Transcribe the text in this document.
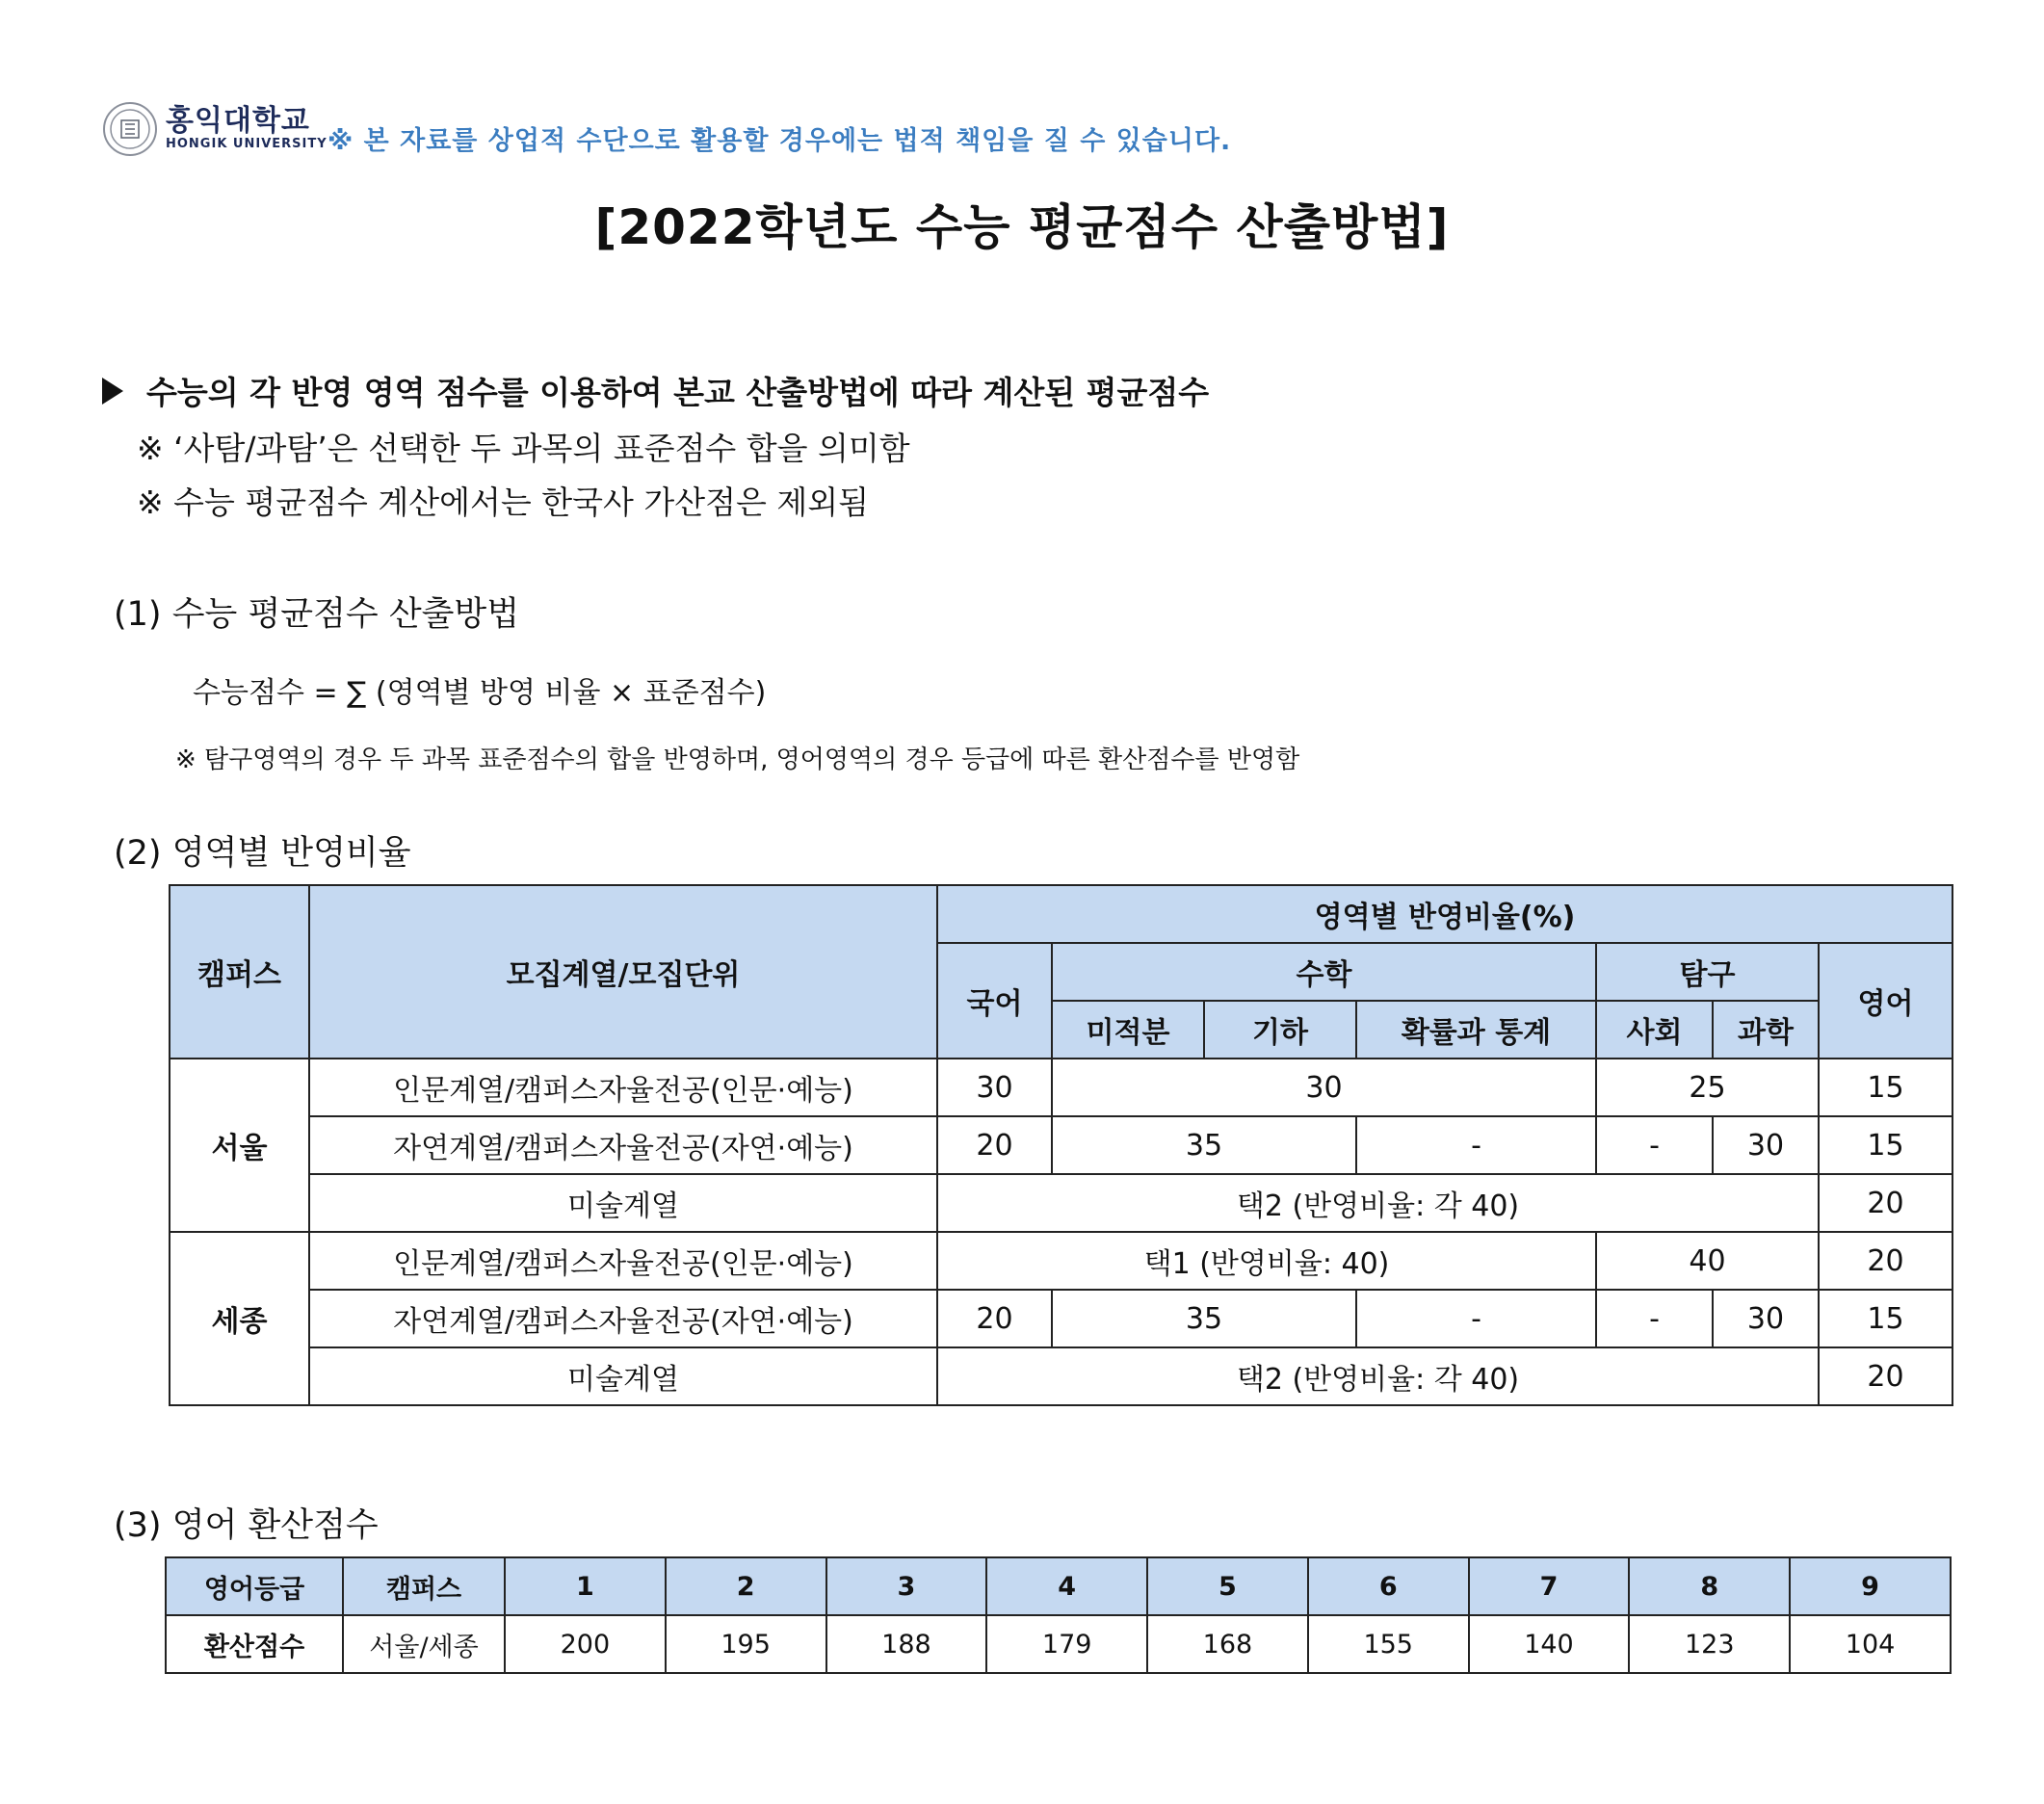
홍익대학교
HONGIK UNIVERSITY ※ 본 자료를 상업적 수단으로 활용할 경우에는 법적 책임을 질 수 있습니다.
[2022학년도 수능 평균점수 산출방법]
수능의 각 반영 영역 점수를 이용하여 본교 산출방법에 따라 계산된 평균점수
※ ‘사탐/과탐’은 선택한 두 과목의 표준점수 합을 의미함
※ 수능 평균점수 계산에서는 한국사 가산점은 제외됨
(1) 수능 평균점수 산출방법
수능점수 = ∑ (영역별 방영 비율 × 표준점수)
※ 탐구영역의 경우 두 과목 표준점수의 합을 반영하며, 영어영역의 경우 등급에 따른 환산점수를 반영함
(2) 영역별 반영비율
캠퍼스	모집계열/모집단위	영역별 반영비율(%)						
		국어	수학			탐구		영어
			미적분	기하	확률과 통계	사회	과학	
서울	인문계열/캠퍼스자율전공(인문·예능)	30	30			25		15
	자연계열/캠퍼스자율전공(자연·예능)	20	35		-	-	30	15
	미술계열	택2 (반영비율: 각 40)						20
세종	인문계열/캠퍼스자율전공(인문·예능)	택1 (반영비율: 40)				40		20
	자연계열/캠퍼스자율전공(자연·예능)	20	35		-	-	30	15
	미술계열	택2 (반영비율: 각 40)						20
(3) 영어 환산점수
영어등급	캠퍼스	1	2	3	4	5	6	7	8	9
환산점수	서울/세종	200	195	188	179	168	155	140	123	104
